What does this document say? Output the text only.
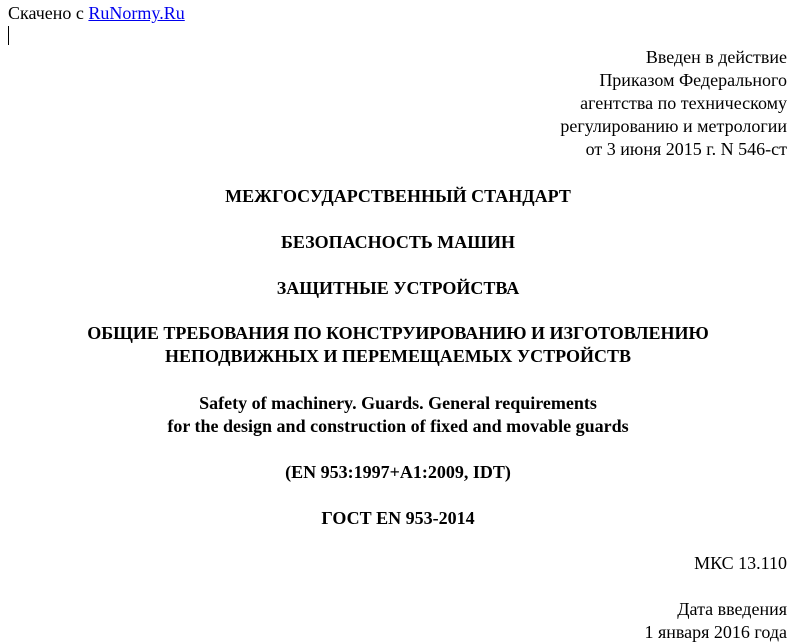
Скачено с RuNormy.Ru
Введен в действие
Приказом Федерального
агентства по техническому
регулированию и метрологии
от 3 июня 2015 г. N 546-ст
МЕЖГОСУДАРСТВЕННЫЙ СТАНДАРТ
БЕЗОПАСНОСТЬ МАШИН
ЗАЩИТНЫЕ УСТРОЙСТВА
ОБЩИЕ ТРЕБОВАНИЯ ПО КОНСТРУИРОВАНИЮ И ИЗГОТОВЛЕНИЮ
НЕПОДВИЖНЫХ И ПЕРЕМЕЩАЕМЫХ УСТРОЙСТВ
Safety of machinery. Guards. General requirements
for the design and construction of fixed and movable guards
(EN 953:1997+A1:2009, IDT)
ГОСТ EN 953-2014
МКС 13.110
Дата введения
1 января 2016 года
